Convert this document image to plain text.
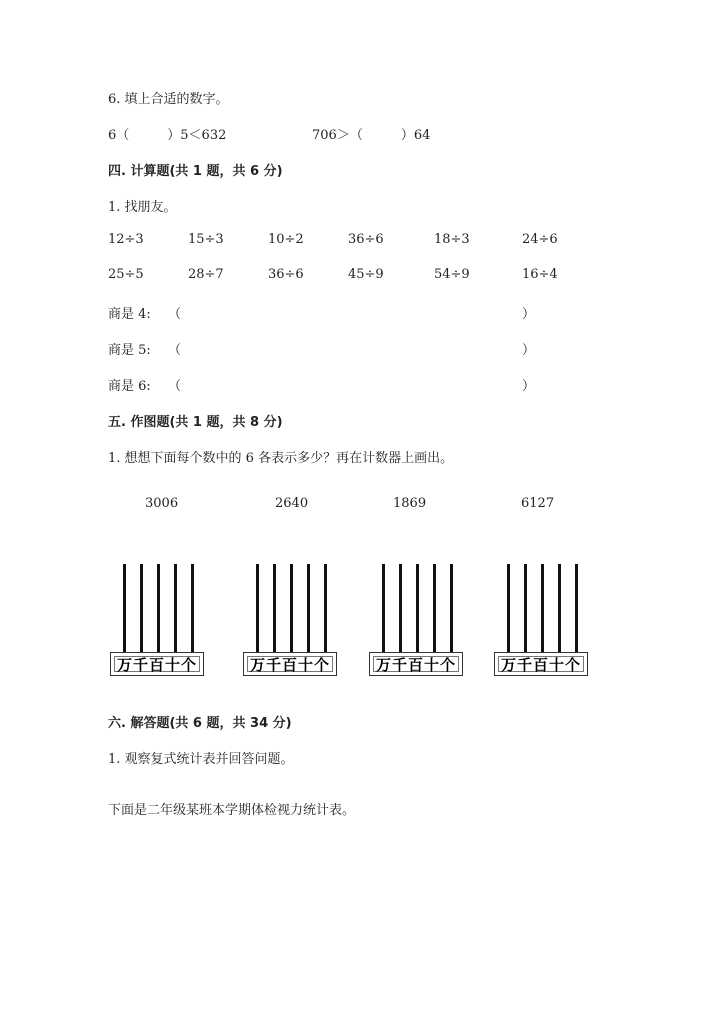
6. 填上合适的数字。
6（	）5＜632	706＞（	）64
四. 计算题(共 1 题，共 6 分)
1. 找朋友。
12÷3	15÷3	10÷2	36÷6	18÷3	24÷6
25÷5	28÷7	36÷6	45÷9	54÷9	16÷4
商是 4: （	）
商是 5: （	）
商是 6: （	）
五. 作图题(共 1 题，共 8 分)
1. 想想下面每个数中的 6 各表示多少？再在计数器上画出。
3006	2640	1869	6127
万千百十个	万千百十个	万千百十个	万千百十个
六. 解答题(共 6 题，共 34 分)
1. 观察复式统计表并回答问题。
下面是二年级某班本学期体检视力统计表。
